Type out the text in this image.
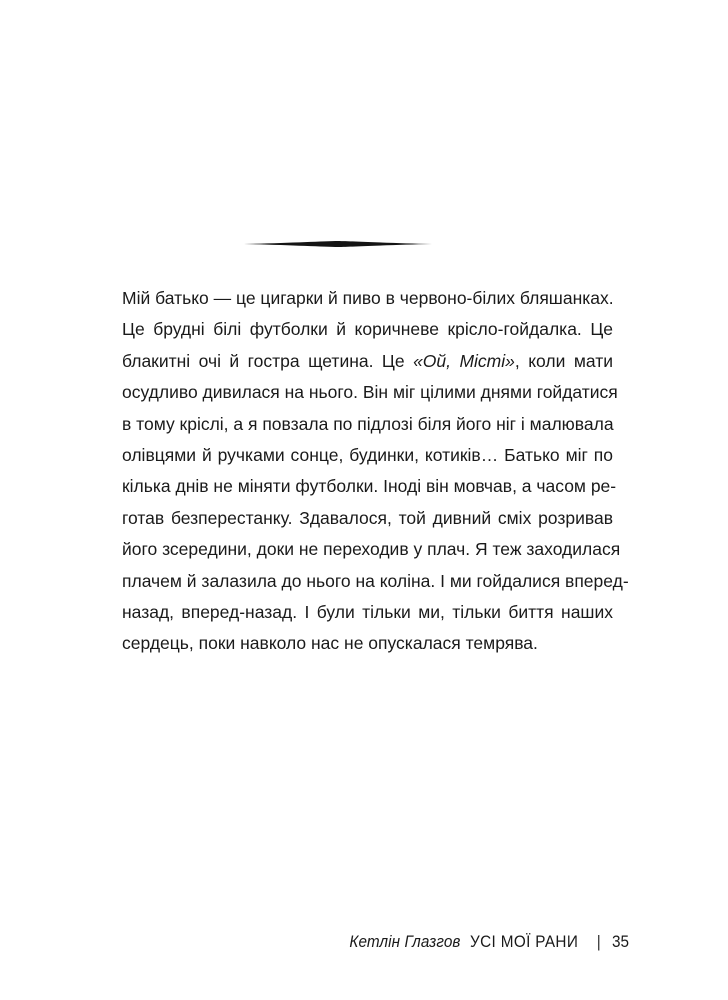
Мій батько — це цигарки й пиво в червоно-білих бляшанках.
Це брудні білі футболки й коричневе крісло-гойдалка. Це
блакитні очі й гостра щетина. Це «Ой, Місті», коли мати
осудливо дивилася на нього. Він міг цілими днями гойдатися
в тому кріслі, а я повзала по підлозі біля його ніг і малювала
олівцями й ручками сонце, будинки, котиків… Батько міг по
кілька днів не міняти футболки. Іноді він мовчав, а часом ре-
готав безперестанку. Здавалося, той дивний сміх розривав
його зсередини, доки не переходив у плач. Я теж заходилася
плачем й залазила до нього на коліна. І ми гойдалися вперед-
назад, вперед-назад. І були тільки ми, тільки биття наших
сердець, поки навколо нас не опускалася темрява.

Кетлін Глазгов УСІ МОЇ РАНИ | 35
